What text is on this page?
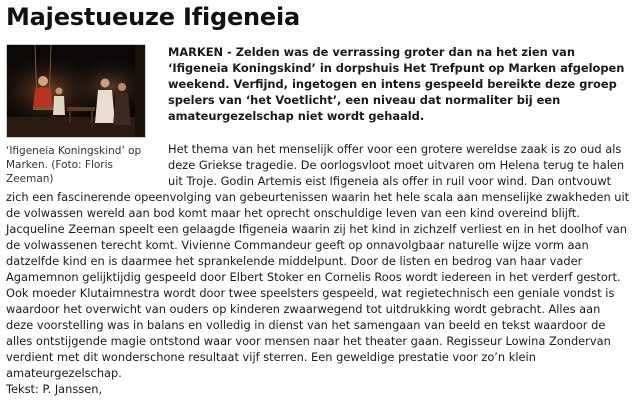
Majestueuze Ifigeneia
‘Ifigeneia Koningskind’ op Marken. (Foto: Floris Zeeman)

MARKEN - Zelden was de verrassing groter dan na het zien van ‘Ifigeneia Koningskind’ in dorpshuis Het Trefpunt op Marken afgelopen weekend. Verfijnd, ingetogen en intens gespeeld bereikte deze groep spelers van ‘het Voetlicht’, een niveau dat normaliter bij een amateurgezelschap niet wordt gehaald.

Het thema van het menselijk offer voor een grotere wereldse zaak is zo oud als deze Griekse tragedie. De oorlogsvloot moet uitvaren om Helena terug te halen uit Troje. Godin Artemis eist Ifigeneia als offer in ruil voor wind. Dan ontvouwt zich een fascinerende opeenvolging van gebeurtenissen waarin het hele scala aan menselijke zwakheden uit de volwassen wereld aan bod komt maar het oprecht onschuldige leven van een kind overeind blijft. Jacqueline Zeeman speelt een gelaagde Ifigeneia waarin zij het kind in zichzelf verliest en in het doolhof van de volwassenen terecht komt. Vivienne Commandeur geeft op onnavolgbaar naturelle wijze vorm aan datzelfde kind en is daarmee het sprankelende middelpunt. Door de listen en bedrog van haar vader Agamemnon gelijktijdig gespeeld door Elbert Stoker en Cornelis Roos wordt iedereen in het verderf gestort. Ook moeder Klutaimnestra wordt door twee speelsters gespeeld, wat regietechnisch een geniale vondst is waardoor het overwicht van ouders op kinderen zwaarwegend tot uitdrukking wordt gebracht. Alles aan deze voorstelling was in balans en volledig in dienst van het samengaan van beeld en tekst waardoor de alles ontstijgende magie ontstond waar voor mensen naar het theater gaan. Regisseur Lowina Zondervan verdient met dit wonderschone resultaat vijf sterren. Een geweldige prestatie voor zo’n klein amateurgezelschap.

Tekst: P. Janssen,
